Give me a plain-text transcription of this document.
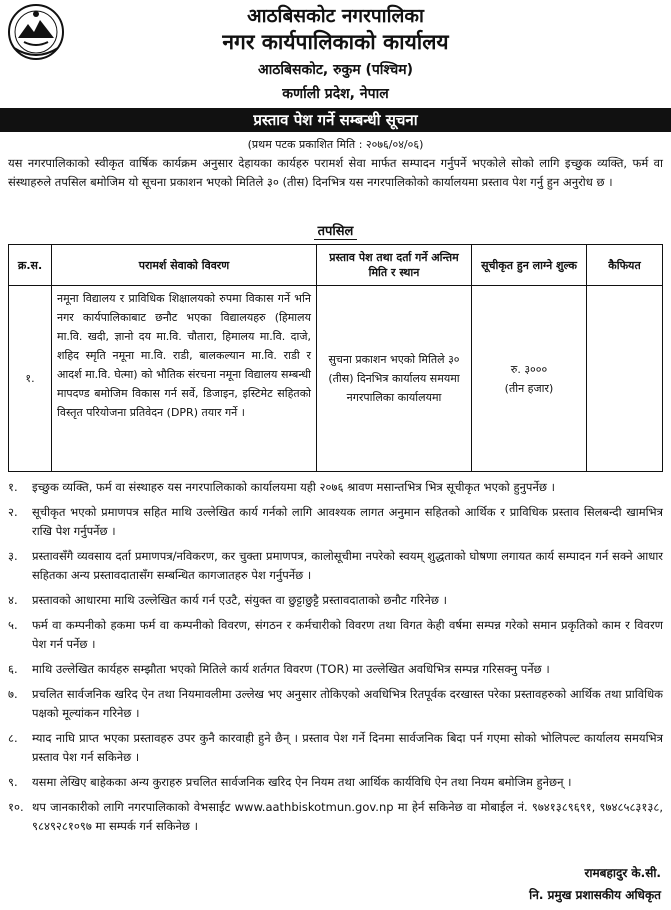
आठबिसकोट नगरपालिका
नगर कार्यपालिकाको कार्यालय
आठबिसकोट, रुकुम (पश्चिम)
कर्णाली प्रदेश, नेपाल
प्रस्ताव पेश गर्ने सम्बन्धी सूचना
(प्रथम पटक प्रकाशित मिति : २०७६/०४/०६)
यस नगरपालिकाको स्वीकृत वार्षिक कार्यक्रम अनुसार देहायका कार्यहरु परामर्श सेवा मार्फत सम्पादन गर्नुपर्ने भएकोले सोको लागि इच्छुक व्यक्ति, फर्म वा संस्थाहरुले तपसिल बमोजिम यो सूचना प्रकाशन भएको मितिले ३० (तीस) दिनभित्र यस नगरपालिकोको कार्यालयमा प्रस्ताव पेश गर्नु हुन अनुरोध छ ।
तपसिल
क्र.स.	परामर्श सेवाको विवरण	प्रस्ताव पेश तथा दर्ता गर्ने अन्तिम मिति र स्थान	सूचीकृत हुन लाग्ने शुल्क	कैफियत
१.	नमूना विद्यालय र प्राविधिक शिक्षालयको रुपमा विकास गर्ने भनि नगर कार्यपालिकाबाट छनौट भएका विद्यालयहरु (हिमालय मा.वि. खदी, ज्ञानो दय मा.वि. चौतारा, हिमालय मा.वि. दाजे, शहिद स्मृति नमूना मा.वि. राडी, बालकल्यान मा.वि. राडी र आदर्श मा.वि. घेत्मा) को भौतिक संरचना नमूना विद्यालय सम्बन्धी मापदण्ड बमोजिम विकास गर्न सर्वे, डिजाइन, इस्टिमेट सहितको विस्तृत परियोजना प्रतिवेदन (DPR) तयार गर्ने ।	सुचना प्रकाशन भएको मितिले ३० (तीस) दिनभित्र कार्यालय समयमा नगरपालिका कार्यालयमा	रु. ३०००
(तीन हजार)	

१.	इच्छुक व्यक्ति, फर्म वा संस्थाहरु यस नगरपालिकाको कार्यालयमा यही २०७६ श्रावण मसान्तभित्र भित्र सूचीकृत भएको हुनुपर्नेछ ।
२.	सूचीकृत भएको प्रमाणपत्र सहित माथि उल्लेखित कार्य गर्नको लागि आवश्यक लागत अनुमान सहितको आर्थिक र प्राविधिक प्रस्ताव सिलबन्दी खामभित्र राखि पेश गर्नुपर्नेछ ।
३.	प्रस्तावसँगै व्यवसाय दर्ता प्रमाणपत्र/नविकरण, कर चुक्ता प्रमाणपत्र, कालोसूचीमा नपरेको स्वयम् शुद्धताको घोषणा लगायत कार्य सम्पादन गर्न सक्ने आधार सहितका अन्य प्रस्तावदातासँग सम्बन्धित कागजातहरु पेश गर्नुपर्नेछ ।
४.	प्रस्तावको आधारमा माथि उल्लेखित कार्य गर्न एउटै, संयुक्त वा छुट्टाछुट्टै प्रस्तावदाताको छनौट गरिनेछ ।
५.	फर्म वा कम्पनीको हकमा फर्म वा कम्पनीको विवरण, संगठन र कर्मचारीको विवरण तथा विगत केही वर्षमा सम्पन्न गरेको समान प्रकृतिको काम र विवरण पेश गर्न पर्नेछ ।
६.	माथि उल्लेखित कार्यहरु सम्झौता भएको मितिले कार्य शर्तगत विवरण (TOR) मा उल्लेखित अवधिभित्र सम्पन्न गरिसक्नु पर्नेछ ।
७.	प्रचलित सार्वजनिक खरिद ऐन तथा नियमावलीमा उल्लेख भए अनुसार तोकिएको अवधिभित्र रितपूर्वक दरखास्त परेका प्रस्तावहरुको आर्थिक तथा प्राविधिक पक्षको मूल्यांकन गरिनेछ ।
८.	म्याद नाघि प्राप्त भएका प्रस्तावहरु उपर कुनै कारवाही हुने छैन् । प्रस्ताव पेश गर्ने दिनमा सार्वजनिक बिदा पर्न गएमा सोको भोलिपल्ट कार्यालय समयभित्र प्रस्ताव पेश गर्न सकिनेछ ।
९.	यसमा लेखिए बाहेकका अन्य कुराहरु प्रचलित सार्वजनिक खरिद ऐन नियम तथा आर्थिक कार्यविधि ऐन तथा नियम बमोजिम हुनेछन् ।
१०. थप जानकारीको लागि नगरपालिकाको वेभसाईट www.aathbiskotmun.gov.np मा हेर्न सकिनेछ वा मोबाईल नं. ९७४१३८९६९१, ९७४८५८३१३८, ९८४९२८१०९७ मा सम्पर्क गर्न सकिनेछ ।
रामबहादुर के.सी.
नि. प्रमुख प्रशासकीय अधिकृत
